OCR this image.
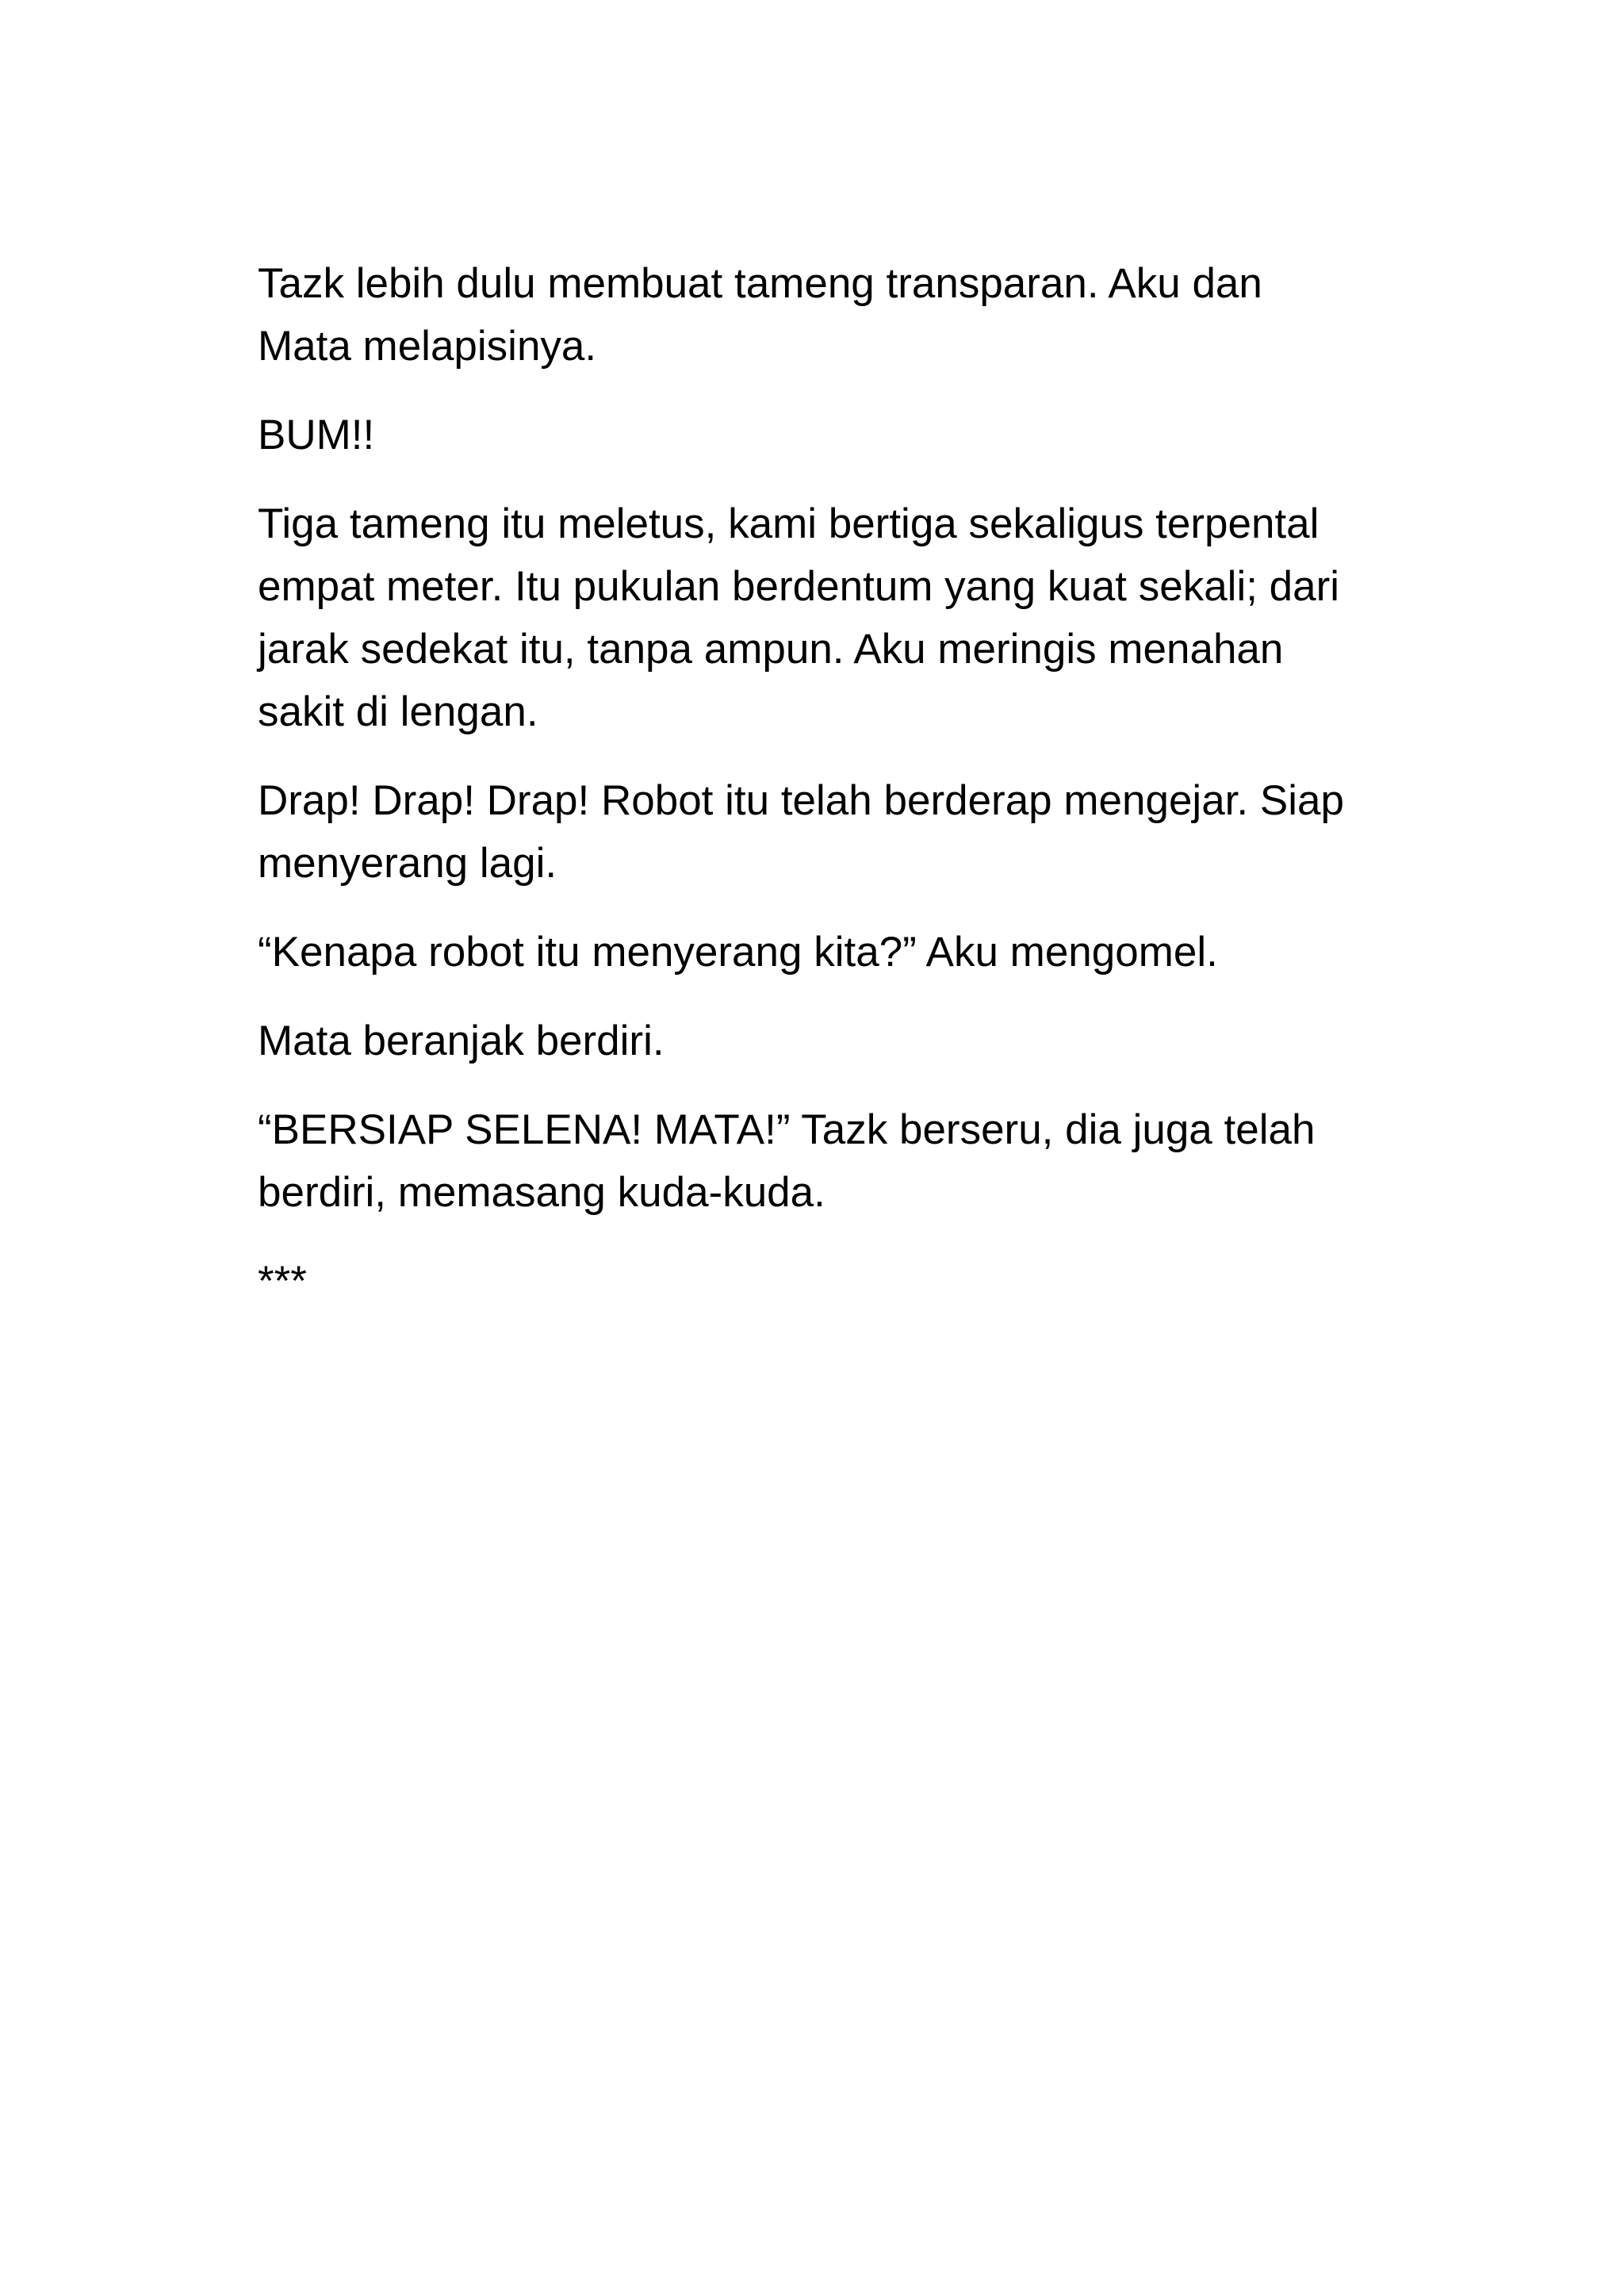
Tazk lebih dulu membuat tameng transparan. Aku dan
Mata melapisinya.

BUM!!

Tiga tameng itu meletus, kami bertiga sekaligus terpental
empat meter. Itu pukulan berdentum yang kuat sekali; dari
jarak sedekat itu, tanpa ampun. Aku meringis menahan
sakit di lengan.

Drap! Drap! Drap! Robot itu telah berderap mengejar. Siap
menyerang lagi.

“Kenapa robot itu menyerang kita?” Aku mengomel.

Mata beranjak berdiri.

“BERSIAP SELENA! MATA!” Tazk berseru, dia juga telah
berdiri, memasang kuda-kuda.

***
